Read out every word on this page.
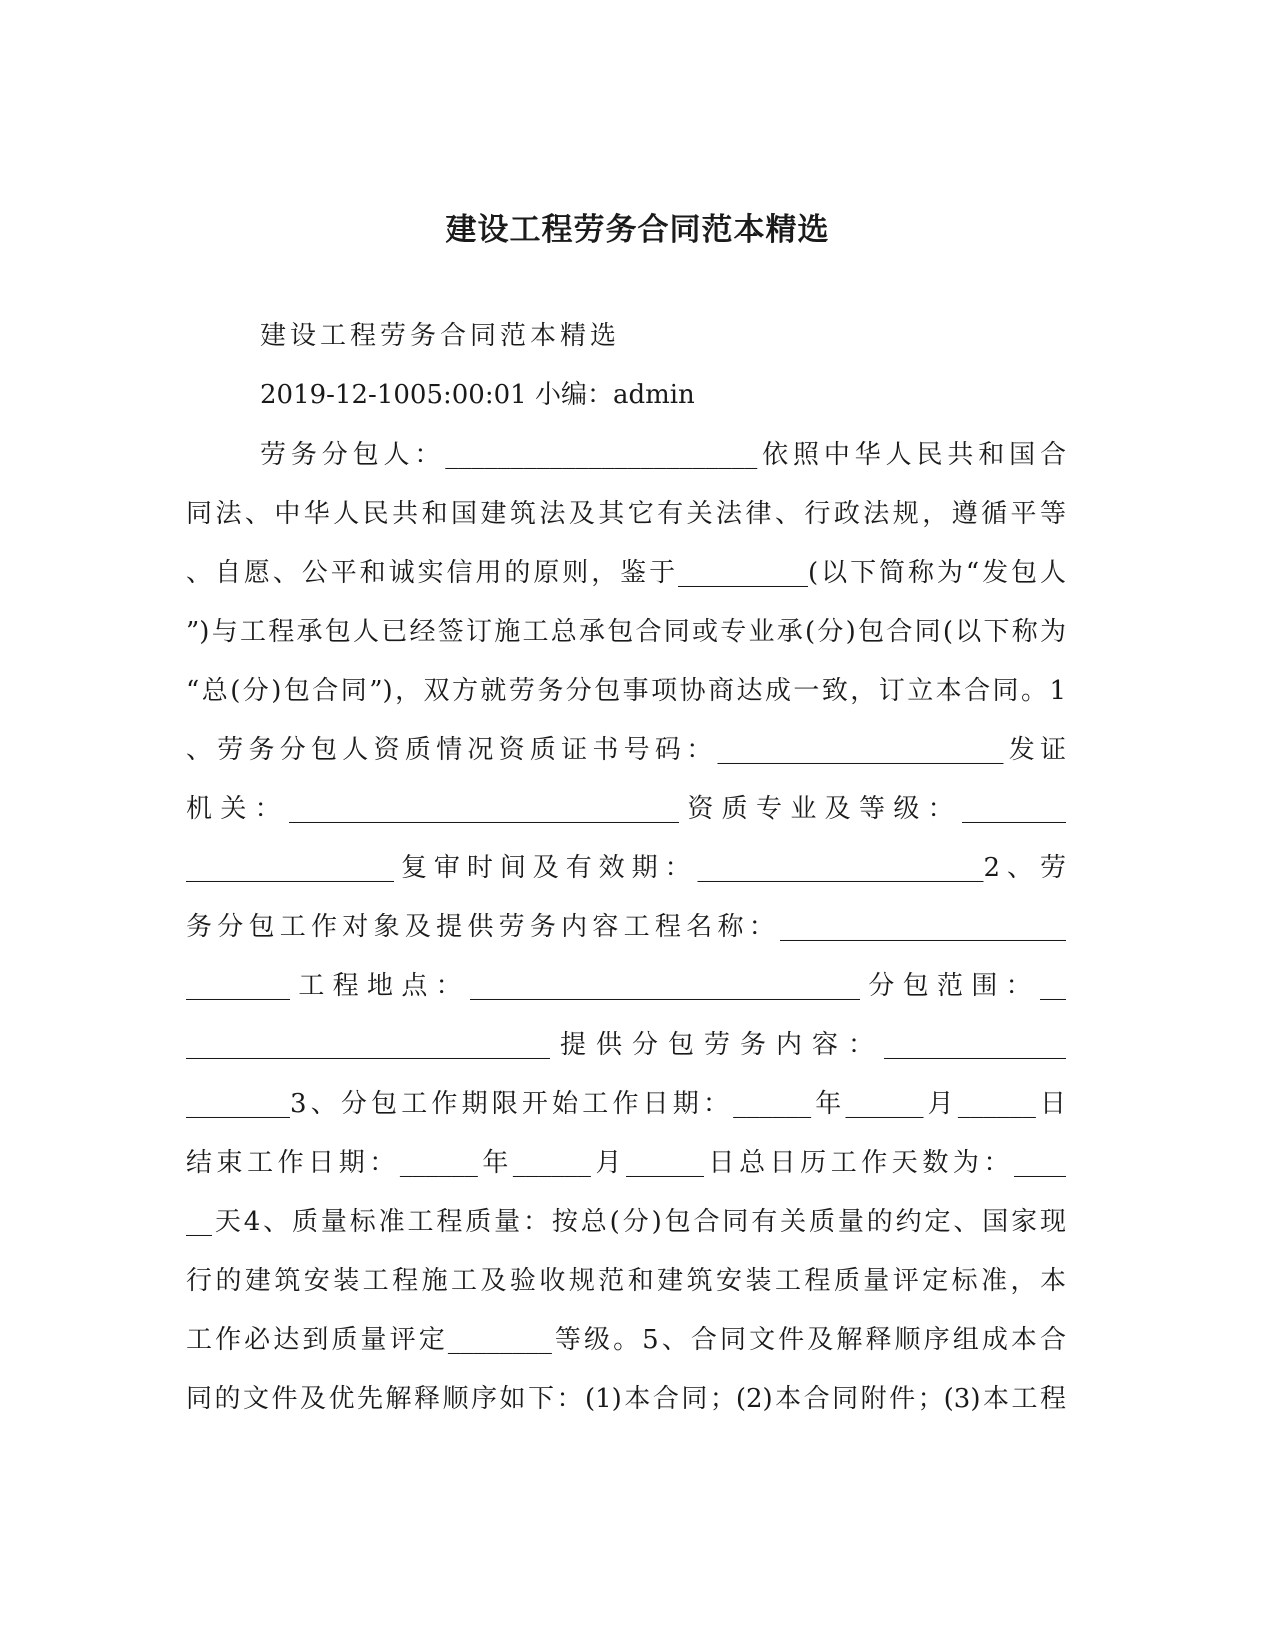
建设工程劳务合同范本精选

建设工程劳务合同范本精选

2019-12-1005:00:01 小编：admin

劳务分包人：________________________依照中华人民共和国合

同法、中华人民共和国建筑法及其它有关法律、行政法规，遵循平等

、自愿、公平和诚实信用的原则，鉴于__________(以下简称为“发包人

”)与工程承包人已经签订施工总承包合同或专业承(分)包合同(以下称为

“总(分)包合同”)，双方就劳务分包事项协商达成一致，订立本合同。1

、劳务分包人资质情况资质证书号码：______________________发证

机关：______________________________资质专业及等级：________

________________复审时间及有效期：______________________2、劳

务分包工作对象及提供劳务内容工程名称：______________________

________工程地点：______________________________分包范围：__

____________________________提供分包劳务内容：______________

________3、分包工作期限开始工作日期：______年______月______日

结束工作日期：______年______月______日总日历工作天数为：____

__天4、质量标准工程质量：按总(分)包合同有关质量的约定、国家现

行的建筑安装工程施工及验收规范和建筑安装工程质量评定标准，本

工作必达到质量评定________等级。5、合同文件及解释顺序组成本合

同的文件及优先解释顺序如下：(1)本合同；(2)本合同附件；(3)本工程
